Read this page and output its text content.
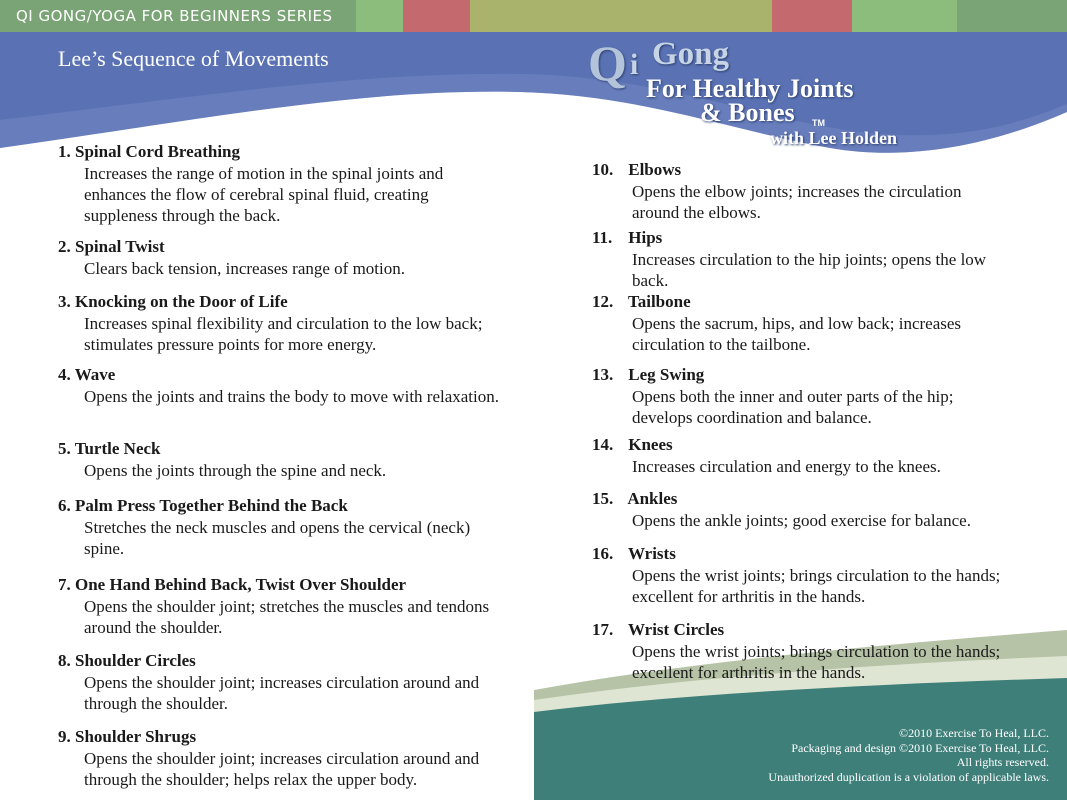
QI GONG/YOGA FOR BEGINNERS SERIES
Lee’s Sequence of Movements	Q i Gong
For Healthy Joints
& Bones TM
with Lee Holden
1. Spinal Cord Breathing
Increases the range of motion in the spinal joints and enhances the flow of cerebral spinal fluid, creating suppleness through the back.
2. Spinal Twist
Clears back tension, increases range of motion.
3. Knocking on the Door of Life
Increases spinal flexibility and circulation to the low back; stimulates pressure points for more energy.
4. Wave
Opens the joints and trains the body to move with relaxation.
5. Turtle Neck
Opens the joints through the spine and neck.
6. Palm Press Together Behind the Back
Stretches the neck muscles and opens the cervical (neck) spine.
7. One Hand Behind Back, Twist Over Shoulder
Opens the shoulder joint; stretches the muscles and tendons around the shoulder.
8. Shoulder Circles
Opens the shoulder joint; increases circulation around and through the shoulder.
9. Shoulder Shrugs
Opens the shoulder joint; increases circulation around and through the shoulder; helps relax the upper body.
10. Elbows
Opens the elbow joints; increases the circulation around the elbows.
11. Hips
Increases circulation to the hip joints; opens the low back.
12. Tailbone
Opens the sacrum, hips, and low back; increases circulation to the tailbone.
13. Leg Swing
Opens both the inner and outer parts of the hip; develops coordination and balance.
14. Knees
Increases circulation and energy to the knees.
15. Ankles
Opens the ankle joints; good exercise for balance.
16. Wrists
Opens the wrist joints; brings circulation to the hands; excellent for arthritis in the hands.
17. Wrist Circles
Opens the wrist joints; brings circulation to the hands; excellent for arthritis in the hands.
©2010 Exercise To Heal, LLC.
Packaging and design ©2010 Exercise To Heal, LLC.
All rights reserved.
Unauthorized duplication is a violation of applicable laws.
